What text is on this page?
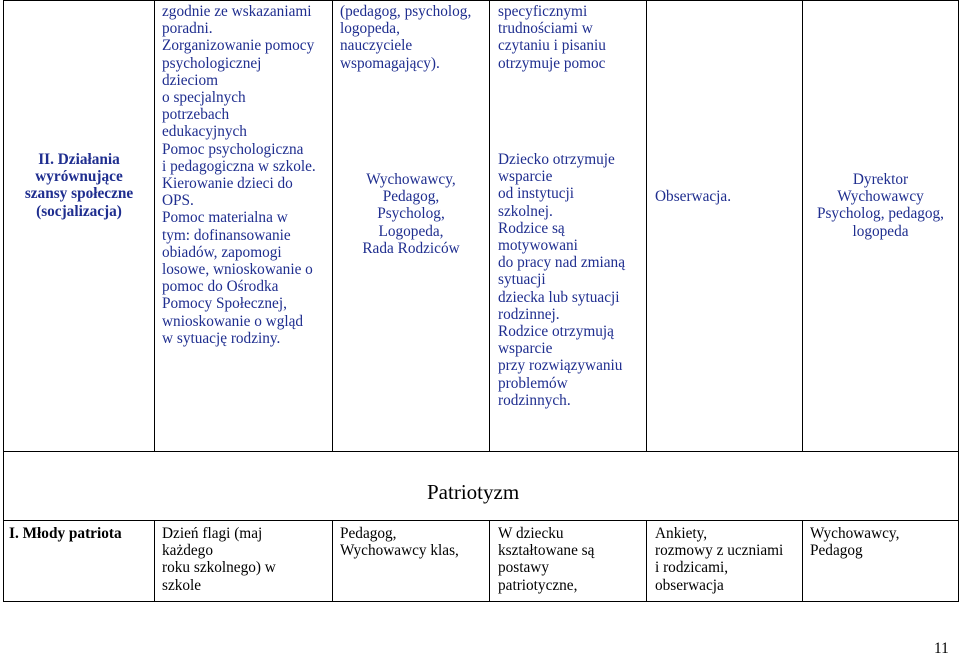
II. Działania
wyrównujące
szansy społeczne
(socjalizacja)
zgodnie ze wskazaniami
poradni.
Zorganizowanie pomocy
psychologicznej
dzieciom
o specjalnych
potrzebach
edukacyjnych
Pomoc psychologiczna
i pedagogiczna w szkole.
Kierowanie dzieci do
OPS.
Pomoc materialna w
tym: dofinansowanie
obiadów, zapomogi
losowe, wnioskowanie o
pomoc do Ośrodka
Pomocy Społecznej,
wnioskowanie o wgląd
w sytuację rodziny.
(pedagog, psycholog,
logopeda,
nauczyciele
wspomagający).
Wychowawcy,
Pedagog,
Psycholog,
Logopeda,
Rada Rodziców
specyficznymi
trudnościami w
czytaniu i pisaniu
otrzymuje pomoc
Dziecko otrzymuje
wsparcie
od instytucji
szkolnej.
Rodzice są
motywowani
do pracy nad zmianą
sytuacji
dziecka lub sytuacji
rodzinnej.
Rodzice otrzymują
wsparcie
przy rozwiązywaniu
problemów
rodzinnych.
Obserwacja.
Dyrektor
Wychowawcy
Psycholog, pedagog,
logopeda
Patriotyzm
I. Młody patriota	Dzień flagi (maj
każdego
roku szkolnego) w
szkole
Pedagog,
Wychowawcy klas,
W dziecku
kształtowane są
postawy
patriotyczne,
Ankiety,
rozmowy z uczniami
i rodzicami,
obserwacja
Wychowawcy,
Pedagog
11
